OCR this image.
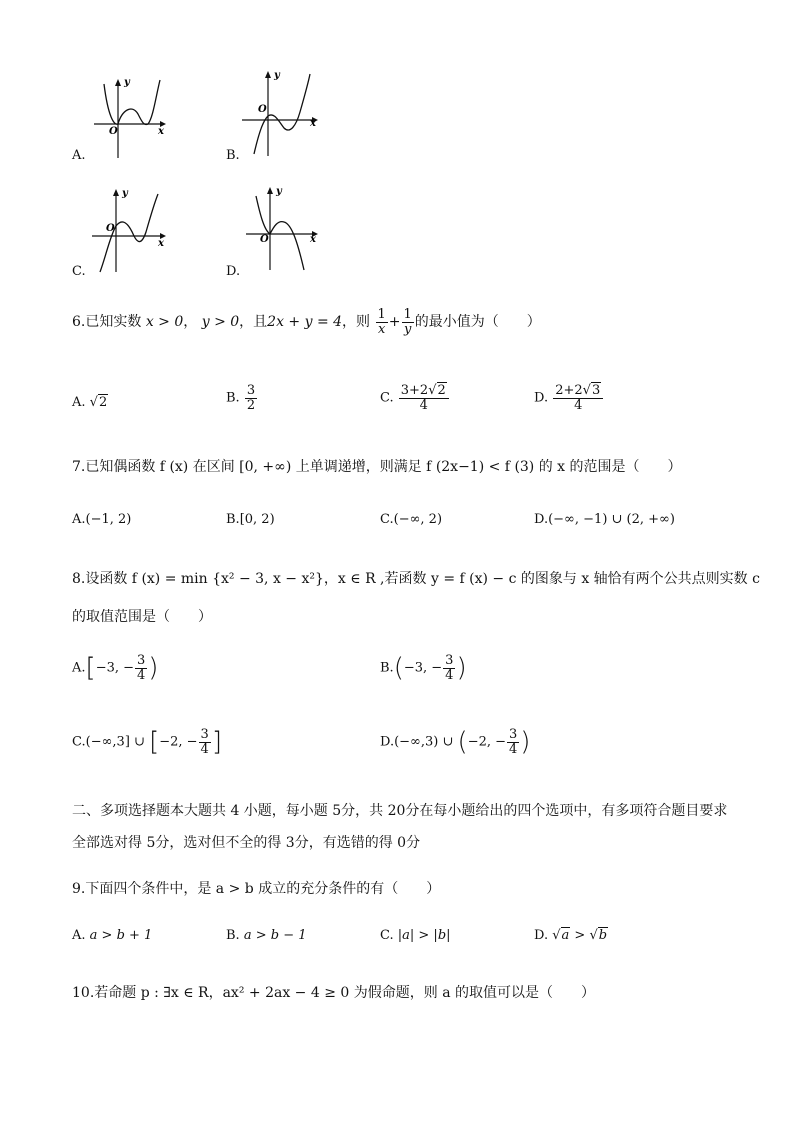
y
O	x
A.
y
O
x
B.
y
O
x
C.
y
O	x
D.
6.已知实数 x > 0， y > 0，且2x + y = 4，则 $\frac{1}{x} + \frac{1}{y}$ 的最小值为（　　）
A. √2	B. $\frac{3}{2}$	C. $\frac{3+2√2}{4}$	D. $\frac{2+2√3}{4}$
7.已知偶函数 f (x) 在区间 [0, +∞) 上单调递增，则满足 f (2x−1) < f (3) 的 x 的范围是（　　）
A.(−1, 2)	B.[0, 2)	C.(−∞, 2)	D.(−∞, −1) ∪ (2, +∞)
8.设函数 f (x) = min {x² − 3, x − x²}，x ∈ R ,若函数 y = f (x) − c 的图象与 x 轴恰有两个公共点则实数 c
的取值范围是（　　）
A.[−3, − $\frac{3}{4}$ )	B.(−3, − $\frac{3}{4}$ )
C.(−∞,3] ∪ [−2, − $\frac{3}{4}$ ]	D.(−∞,3) ∪ (−2, − $\frac{3}{4}$ )
二、多项选择题本大题共 4 小题，每小题 5分，共 20分在每小题给出的四个选项中，有多项符合题目要求
全部选对得 5分，选对但不全的得 3分，有选错的得 0分
9.下面四个条件中，是 a > b 成立的充分条件的有（　　）
A. a > b + 1	B. a > b − 1	C. |a| > |b|	D. √a > √b
10.若命题 p : ∃x ∈ R，ax² + 2ax − 4 ≥ 0 为假命题，则 a 的取值可以是（　　）
